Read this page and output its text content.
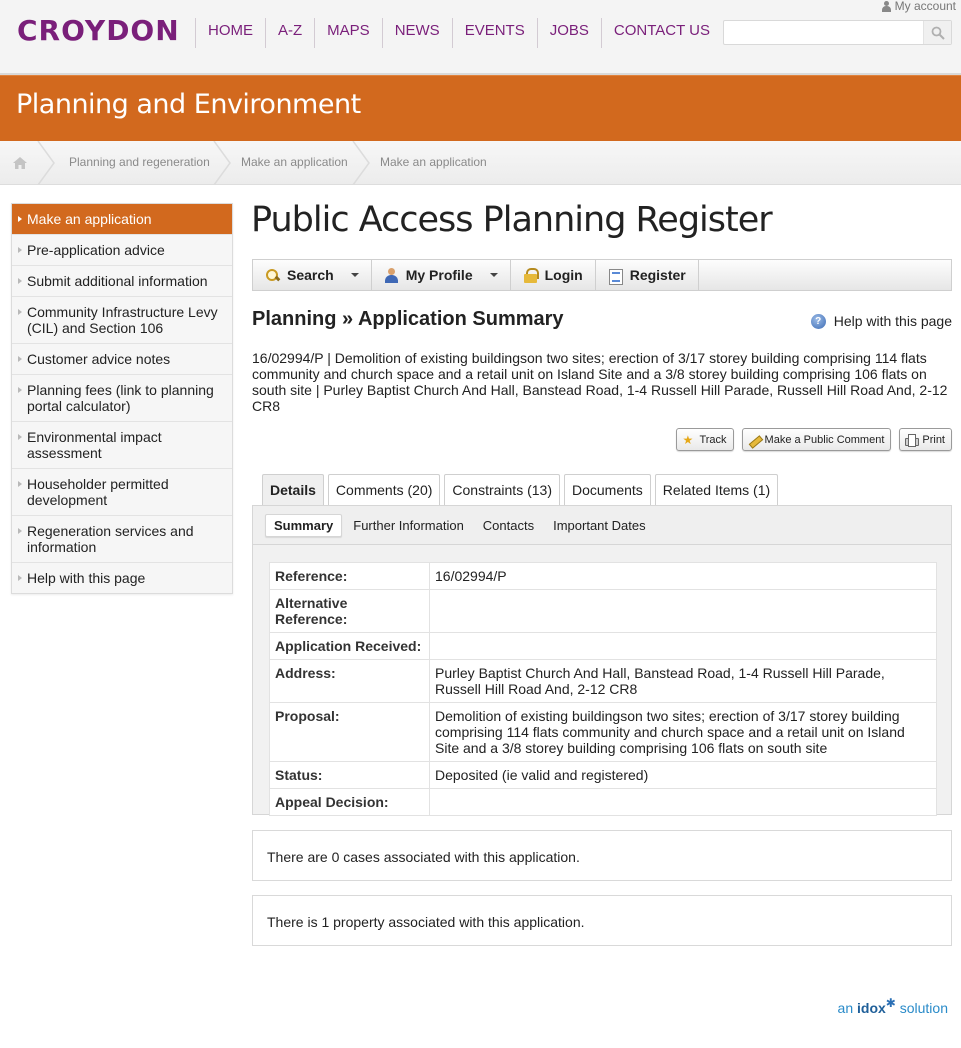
CROYDON	HOME	A-Z	MAPS	NEWS	EVENTS	JOBS	CONTACT US
My account
Planning and Environment
Planning and regeneration	Make an application	Make an application
Make an application
Pre-application advice
Submit additional information
Community Infrastructure Levy (CIL) and Section 106
Customer advice notes
Planning fees (link to planning portal calculator)
Environmental impact assessment
Householder permitted development
Regeneration services and information
Help with this page
Public Access Planning Register
Search	My Profile	Login	Register
Planning » Application Summary	? Help with this page

16/02994/P | Demolition of existing buildingson two sites; erection of 3/17 storey building comprising 114 flats community and church space and a retail unit on Island Site and a 3/8 storey building comprising 106 flats on south site | Purley Baptist Church And Hall, Banstead Road, 1-4 Russell Hill Parade, Russell Hill Road And, 2-12 CR8

★ Track	Make a Public Comment	Print
Details	Comments (20)	Constraints (13)	Documents	Related Items (1)
Summary	Further Information	Contacts	Important Dates
Reference:	16/02994/P
Alternative Reference:	
Application Received:	
Address:	Purley Baptist Church And Hall, Banstead Road, 1-4 Russell Hill Parade, Russell Hill Road And, 2-12 CR8
Proposal:	Demolition of existing buildingson two sites; erection of 3/17 storey building comprising 114 flats community and church space and a retail unit on Island Site and a 3/8 storey building comprising 106 flats on south site
Status:	Deposited (ie valid and registered)
Appeal Decision:	
There are 0 cases associated with this application.
There is 1 property associated with this application.
an idox✱ solution
